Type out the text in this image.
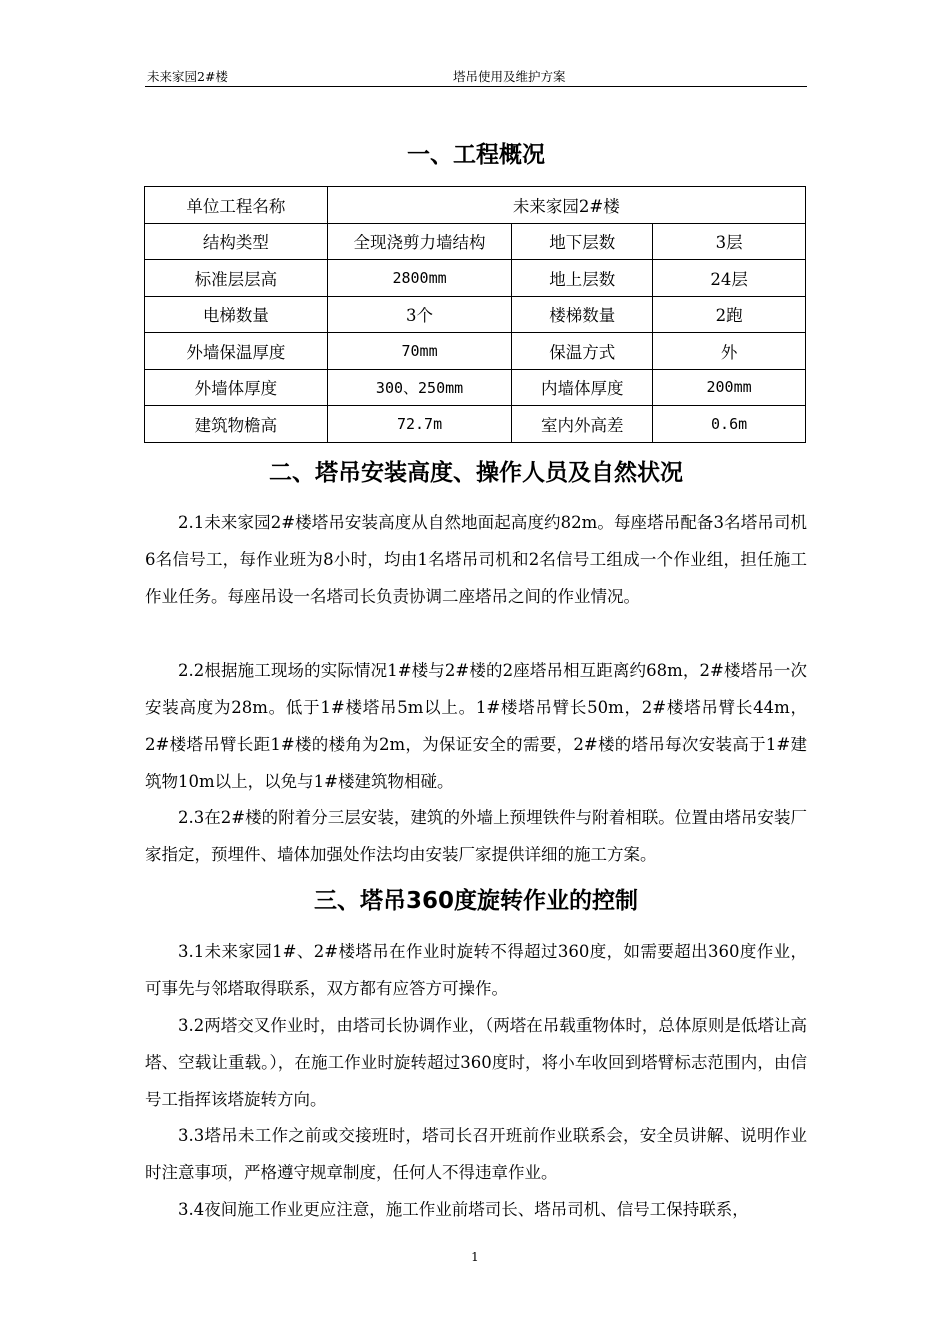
未来家园2#楼	塔吊使用及维护方案
一、工程概况
单位工程名称	未来家园2#楼		
结构类型	全现浇剪力墙结构	地下层数	3层
标准层层高	2800mm	地上层数	24层
电梯数量	3个	楼梯数量	2跑
外墙保温厚度	70mm	保温方式	外
外墙体厚度	300、250mm	内墙体厚度	200mm
建筑物檐高	72.7m	室内外高差	0.6m
二、塔吊安装高度、操作人员及自然状况
2.1未来家园2#楼塔吊安装高度从自然地面起高度约82m。每座塔吊配备3名塔吊司机6名信号工，每作业班为8小时，均由1名塔吊司机和2名信号工组成一个作业组，担任施工作业任务。每座吊设一名塔司长负责协调二座塔吊之间的作业情况。
2.2根据施工现场的实际情况1#楼与2#楼的2座塔吊相互距离约68m，2#楼塔吊一次安装高度为28m。低于1#楼塔吊5m以上。1#楼塔吊臂长50m，2#楼塔吊臂长44m，2#楼塔吊臂长距1#楼的楼角为2m，为保证安全的需要，2#楼的塔吊每次安装高于1#建筑物10m以上，以免与1#楼建筑物相碰。
2.3在2#楼的附着分三层安装，建筑的外墙上预埋铁件与附着相联。位置由塔吊安装厂家指定，预埋件、墙体加强处作法均由安装厂家提供详细的施工方案。
三、塔吊360度旋转作业的控制
3.1未来家园1#、2#楼塔吊在作业时旋转不得超过360度，如需要超出360度作业，可事先与邻塔取得联系，双方都有应答方可操作。
3.2两塔交叉作业时，由塔司长协调作业，（两塔在吊载重物体时，总体原则是低塔让高塔、空载让重载。），在施工作业时旋转超过360度时，将小车收回到塔臂标志范围内，由信号工指挥该塔旋转方向。
3.3塔吊未工作之前或交接班时，塔司长召开班前作业联系会，安全员讲解、说明作业时注意事项，严格遵守规章制度，任何人不得违章作业。
3.4夜间施工作业更应注意，施工作业前塔司长、塔吊司机、信号工保持联系，
1
